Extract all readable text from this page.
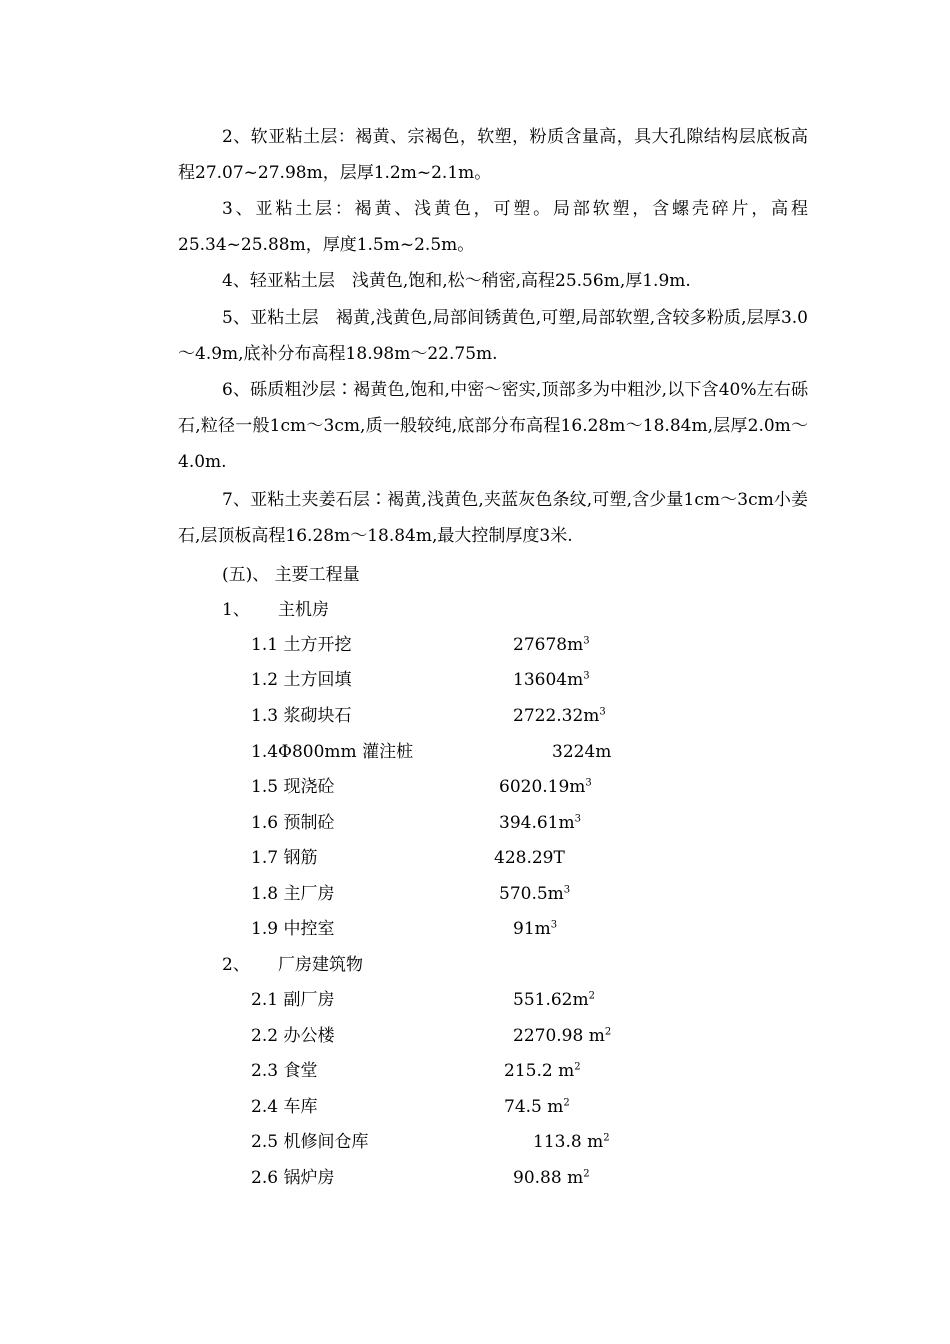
2、软亚粘土层：褐黄、宗褐色，软塑，粉质含量高，具大孔隙结构层底板高程27.07~27.98m，层厚1.2m~2.1m。

3、亚粘土层：褐黄、浅黄色，可塑。局部软塑，含螺壳碎片，高程25.34~25.88m，厚度1.5m~2.5m。

4、轻亚粘土层　浅黄色,饱和,松～稍密,高程25.56m,厚1.9m.

5、亚粘土层　褐黄,浅黄色,局部间锈黄色,可塑,局部软塑,含较多粉质,层厚3.0～4.9m,底补分布高程18.98m～22.75m.

6、砾质粗沙层∶褐黄色,饱和,中密～密实,顶部多为中粗沙,以下含40%左右砾石,粒径一般1cm～3cm,质一般较纯,底部分布高程16.28m～18.84m,层厚2.0m～4.0m.

7、亚粘土夹姜石层∶褐黄,浅黄色,夹蓝灰色条纹,可塑,含少量1cm～3cm小姜石,层顶板高程16.28m～18.84m,最大控制厚度3米.

(五)、 主要工程量
1、 主机房
1.1 土方开挖	$27678m^3$
1.2 土方回填	$13604m^3$
1.3 浆砌块石	$2722.32m^3$
1.4Φ800mm 灌注桩	3224m
1.5 现浇砼	$6020.19m^3$
1.6 预制砼	$394.61m^3$
1.7 钢筋	428.29T
1.8 主厂房	$570.5m^3$
1.9 中控室	$91m^3$
2、 厂房建筑物
2.1 副厂房	$551.62m^2$
2.2 办公楼	2270.98 $m^2$
2.3 食堂	215.2 $m^2$
2.4 车库	74.5 $m^2$
2.5 机修间仓库	113.8 $m^2$
2.6 锅炉房	90.88 $m^2$
